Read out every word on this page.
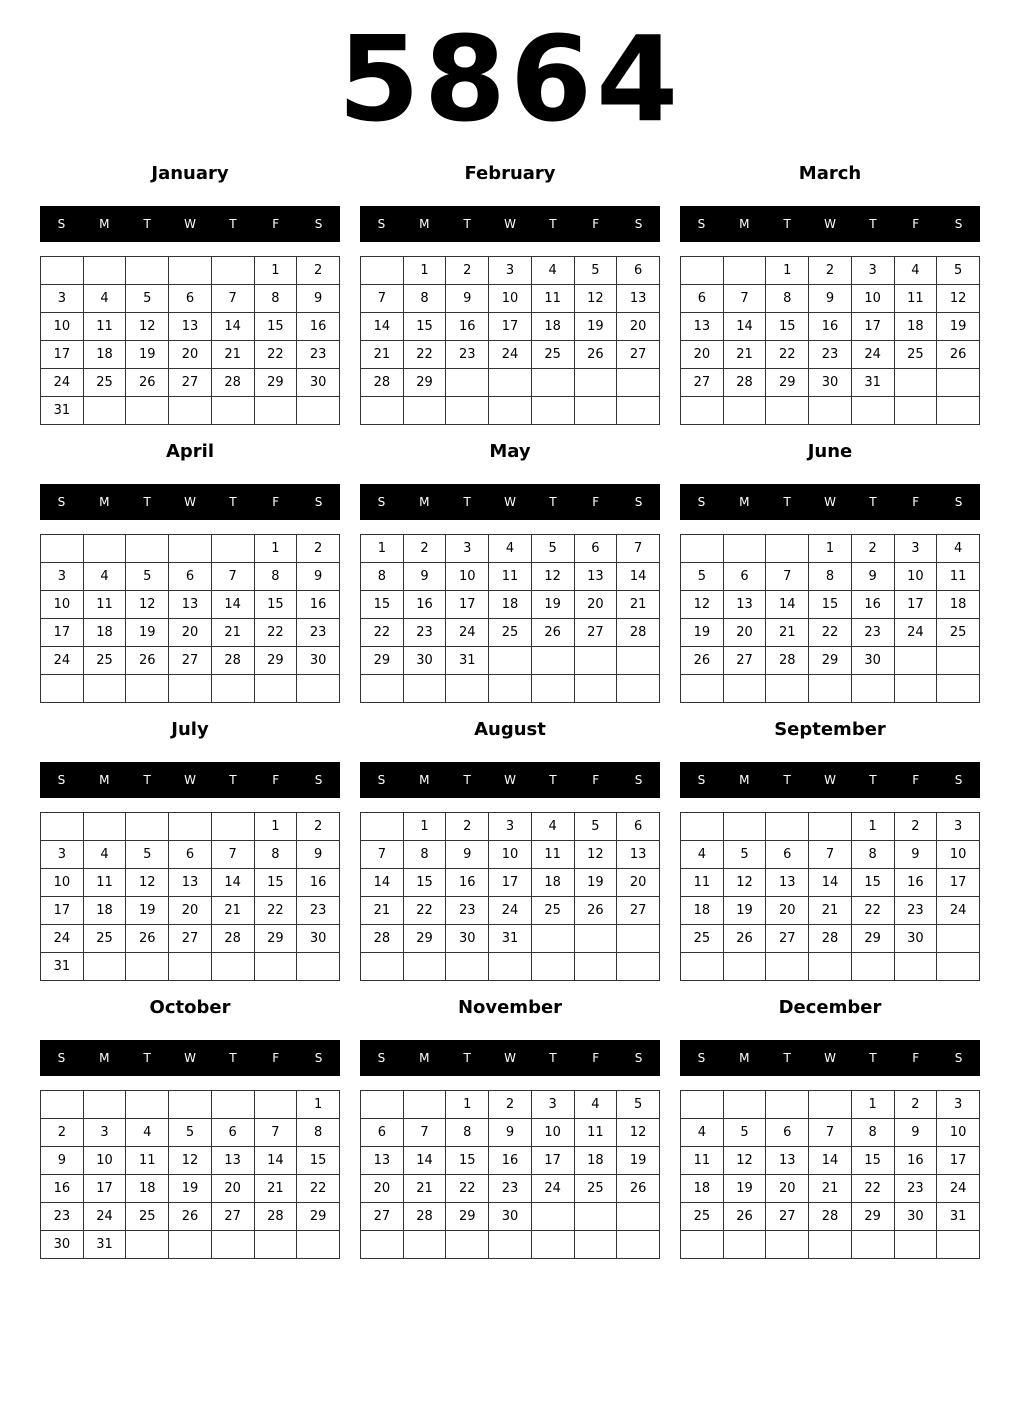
5864
January
S	M	T	W	T	F	S
					1	2
3	4	5	6	7	8	9
10	11	12	13	14	15	16
17	18	19	20	21	22	23
24	25	26	27	28	29	30
31						
February
S	M	T	W	T	F	S
	1	2	3	4	5	6
7	8	9	10	11	12	13
14	15	16	17	18	19	20
21	22	23	24	25	26	27
28	29					

March
S	M	T	W	T	F	S
		1	2	3	4	5
6	7	8	9	10	11	12
13	14	15	16	17	18	19
20	21	22	23	24	25	26
27	28	29	30	31		

April
S	M	T	W	T	F	S
					1	2
3	4	5	6	7	8	9
10	11	12	13	14	15	16
17	18	19	20	21	22	23
24	25	26	27	28	29	30

May
S	M	T	W	T	F	S
1	2	3	4	5	6	7
8	9	10	11	12	13	14
15	16	17	18	19	20	21
22	23	24	25	26	27	28
29	30	31				

June
S	M	T	W	T	F	S
			1	2	3	4
5	6	7	8	9	10	11
12	13	14	15	16	17	18
19	20	21	22	23	24	25
26	27	28	29	30		

July
S	M	T	W	T	F	S
					1	2
3	4	5	6	7	8	9
10	11	12	13	14	15	16
17	18	19	20	21	22	23
24	25	26	27	28	29	30
31						
August
S	M	T	W	T	F	S
	1	2	3	4	5	6
7	8	9	10	11	12	13
14	15	16	17	18	19	20
21	22	23	24	25	26	27
28	29	30	31			

September
S	M	T	W	T	F	S
				1	2	3
4	5	6	7	8	9	10
11	12	13	14	15	16	17
18	19	20	21	22	23	24
25	26	27	28	29	30	

October
S	M	T	W	T	F	S
						1
2	3	4	5	6	7	8
9	10	11	12	13	14	15
16	17	18	19	20	21	22
23	24	25	26	27	28	29
30	31					
November
S	M	T	W	T	F	S
		1	2	3	4	5
6	7	8	9	10	11	12
13	14	15	16	17	18	19
20	21	22	23	24	25	26
27	28	29	30			

December
S	M	T	W	T	F	S
				1	2	3
4	5	6	7	8	9	10
11	12	13	14	15	16	17
18	19	20	21	22	23	24
25	26	27	28	29	30	31
